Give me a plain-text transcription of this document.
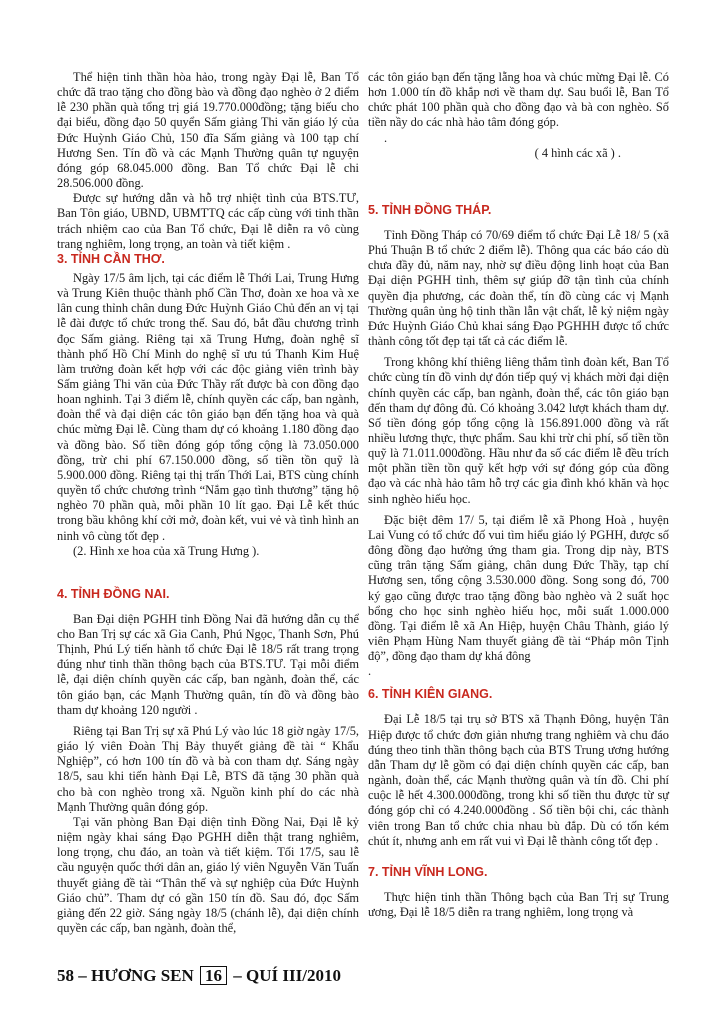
Thể hiện tinh thần hòa hảo, trong ngày Đại lễ, Ban Tổ chức đã trao tặng cho đồng bào và đồng đạo nghèo ở 2 điểm lễ 230 phần quà tổng trị giá 19.770.000đồng; tặng biếu cho đại biểu, đồng đạo 50 quyển Sấm giảng Thi văn giáo lý của Đức Huỳnh Giáo Chủ, 150 đĩa Sấm giảng và 100 tạp chí Hương Sen. Tín đồ và các Mạnh Thường quân tự nguyện đóng góp 68.045.000 đồng. Ban Tổ chức Đại lễ chi 28.506.000 đồng.

Được sự hướng dẫn và hỗ trợ nhiệt tình của BTS.TƯ, Ban Tôn giáo, UBND, UBMTTQ các cấp cùng với tinh thần trách nhiệm cao của Ban Tổ chức, Đại lễ diễn ra vô cùng trang nghiêm, long trọng, an toàn và tiết kiệm .

3. TỈNH CẦN THƠ.

Ngày 17/5 âm lịch, tại các điểm lễ Thới Lai, Trung Hưng và Trung Kiên thuộc thành phố Cần Thơ, đoàn xe hoa và xe lân cung thỉnh chân dung Đức Huỳnh Giáo Chủ đến an vị tại lễ đài được tổ chức trong thế. Sau đó, bắt đầu chương trình đọc Sấm giảng. Riêng tại xã Trung Hưng, đoàn nghệ sĩ thành phố Hồ Chí Minh do nghệ sĩ ưu tú Thanh Kim Huệ làm trưởng đoàn kết hợp với các độc giảng viên trình bày Sấm giảng Thi văn của Đức Thầy rất được bà con đồng đạo hoan nghinh. Tại 3 điểm lễ, chính quyền các cấp, ban ngành, đoàn thể và đại diện các tôn giáo bạn đến tặng hoa và quà chúc mừng Đại lễ. Cùng tham dự có khoảng 1.180 đồng đạo và đồng bào. Số tiền đóng góp tổng cộng là 73.050.000 đồng, trừ chi phí 67.150.000 đồng, số tiền tồn quỹ là 5.900.000 đồng. Riêng tại thị trấn Thới Lai, BTS cùng chính quyền tổ chức chương trình “Nắm gạo tình thương” tặng hộ nghèo 70 phần quà, mỗi phần 10 lít gạo. Đại Lễ kết thúc trong bầu không khí cởi mở, đoàn kết, vui vẻ và tình hình an ninh vô cùng tốt đẹp .

(2. Hình xe hoa của xã Trung Hưng ).

4. TỈNH ĐỒNG NAI.

Ban Đại diện PGHH tỉnh Đồng Nai đã hướng dẫn cụ thể cho Ban Trị sự các xã Gia Canh, Phú Ngọc, Thanh Sơn, Phú Thịnh, Phú Lý tiến hành tổ chức Đại lễ 18/5 rất trang trọng đúng như tinh thần thông bạch của BTS.TƯ. Tại mỗi điểm lễ, đại diện chính quyền các cấp, ban ngành, đoàn thể, các tôn giáo bạn, các Mạnh Thường quân, tín đồ và đồng bào tham dự khoảng 120 người .

Riêng tại Ban Trị sự xã Phú Lý vào lúc 18 giờ ngày 17/5, giáo lý viên Đoàn Thị Bảy thuyết giảng đề tài “ Khẩu Nghiệp”, có hơn 100 tín đồ và bà con tham dự. Sáng ngày 18/5, sau khi tiến hành Đại Lễ, BTS đã tặng 30 phần quà cho bà con nghèo trong xã. Nguồn kinh phí do các nhà Mạnh Thường quân đóng góp.

Tại văn phòng Ban Đại diện tỉnh Đồng Nai, Đại lễ kỷ niệm ngày khai sáng Đạo PGHH diễn thật trang nghiêm, long trọng, chu đáo, an toàn và tiết kiệm. Tối 17/5, sau lễ cầu nguyện quốc thới dân an, giáo lý viên Nguyễn Văn Tuấn thuyết giảng đề tài “Thân thế và sự nghiệp của Đức Huỳnh Giáo chủ”. Tham dự có gần 150 tín đồ. Sau đó, đọc Sấm giảng đến 22 giờ. Sáng ngày 18/5 (chánh lễ), đại diện chính quyền các cấp, ban ngành, đoàn thể,

các tôn giáo bạn đến tặng lẵng hoa và chúc mừng Đại lễ. Có hơn 1.000 tín đồ khắp nơi về tham dự. Sau buổi lễ, Ban Tổ chức phát 100 phần quà cho đồng đạo và bà con nghèo. Số tiền nầy do các nhà hảo tâm đóng góp.

.

( 4 hình các xã ) .

5. TỈNH ĐỒNG THÁP.

Tỉnh Đồng Tháp có 70/69 điểm tổ chức Đại Lễ 18/ 5 (xã Phú Thuận B tổ chức 2 điểm lễ). Thông qua các báo cáo dù chưa đầy đủ, năm nay, nhờ sự điều động linh hoạt của Ban Đại diện PGHH tỉnh, thêm sự giúp đỡ tận tình của chính quyền địa phương, các đoàn thể, tín đồ cùng các vị Mạnh Thường quân ủng hộ tinh thần lẫn vật chất, lễ kỷ niệm ngày Đức Huỳnh Giáo Chủ khai sáng Đạo PGHHH được tổ chức thành công tốt đẹp tại tất cả các điểm lễ.

Trong không khí thiêng liêng thắm tình đoàn kết, Ban Tổ chức cùng tín đồ vinh dự đón tiếp quý vị khách mời đại diện chính quyền các cấp, ban ngành, đoàn thể, các tôn giáo bạn đến tham dự đông đủ. Có khoảng 3.042 lượt khách tham dự. Số tiền đóng góp tổng cộng là 156.891.000 đồng và rất nhiều lương thực, thực phẩm. Sau khi trừ chi phí, số tiền tồn quỹ là 71.011.000đồng. Hầu như đa số các điểm lễ đều trích một phần tiền tồn quỹ kết hợp với sự đóng góp của đồng đạo và các nhà hảo tâm hỗ trợ các gia đình khó khăn và học sinh nghèo hiếu học.

Đặc biệt đêm 17/ 5, tại điểm lễ xã Phong Hoà , huyện Lai Vung có tổ chức đố vui tìm hiểu giáo lý PGHH, được số đông đồng đạo hưởng ứng tham gia. Trong dịp này, BTS cũng trân tặng Sấm giảng, chân dung Đức Thầy, tạp chí Hương sen, tổng cộng 3.530.000 đồng. Song song đó, 700 ký gạo cũng được trao tặng đồng bào nghèo và 2 suất học bổng cho học sinh nghèo hiếu học, mỗi suất 1.000.000 đồng. Tại điểm lễ xã An Hiệp, huyện Châu Thành, giáo lý viên Phạm Hùng Nam thuyết giảng đề tài “Pháp môn Tịnh độ”, đồng đạo tham dự khá đông

.

6. TỈNH KIÊN GIANG.

Đại Lễ 18/5 tại trụ sở BTS xã Thạnh Đông, huyện Tân Hiệp được tổ chức đơn giản nhưng trang nghiêm và chu đáo đúng theo tinh thần thông bạch của BTS Trung ương hướng dẫn Tham dự lễ gồm có đại diện chính quyền các cấp, ban ngành, đoàn thể, các Mạnh thường quân và tín đồ. Chi phí cuộc lễ hết 4.300.000đồng, trong khi số tiền thu được từ sự đóng góp chỉ có 4.240.000đồng . Số tiền bội chi, các thành viên trong Ban tổ chức chia nhau bù đắp. Dù có tốn kém chút ít, nhưng anh em rất vui vì Đại lễ thành công tốt đẹp .

7. TỈNH VĨNH LONG.

Thực hiện tinh thần Thông bạch của Ban Trị sự Trung ương, Đại lễ 18/5 diễn ra trang nghiêm, long trọng và

58 – HƯƠNG SEN 16 – QUÍ III/2010
